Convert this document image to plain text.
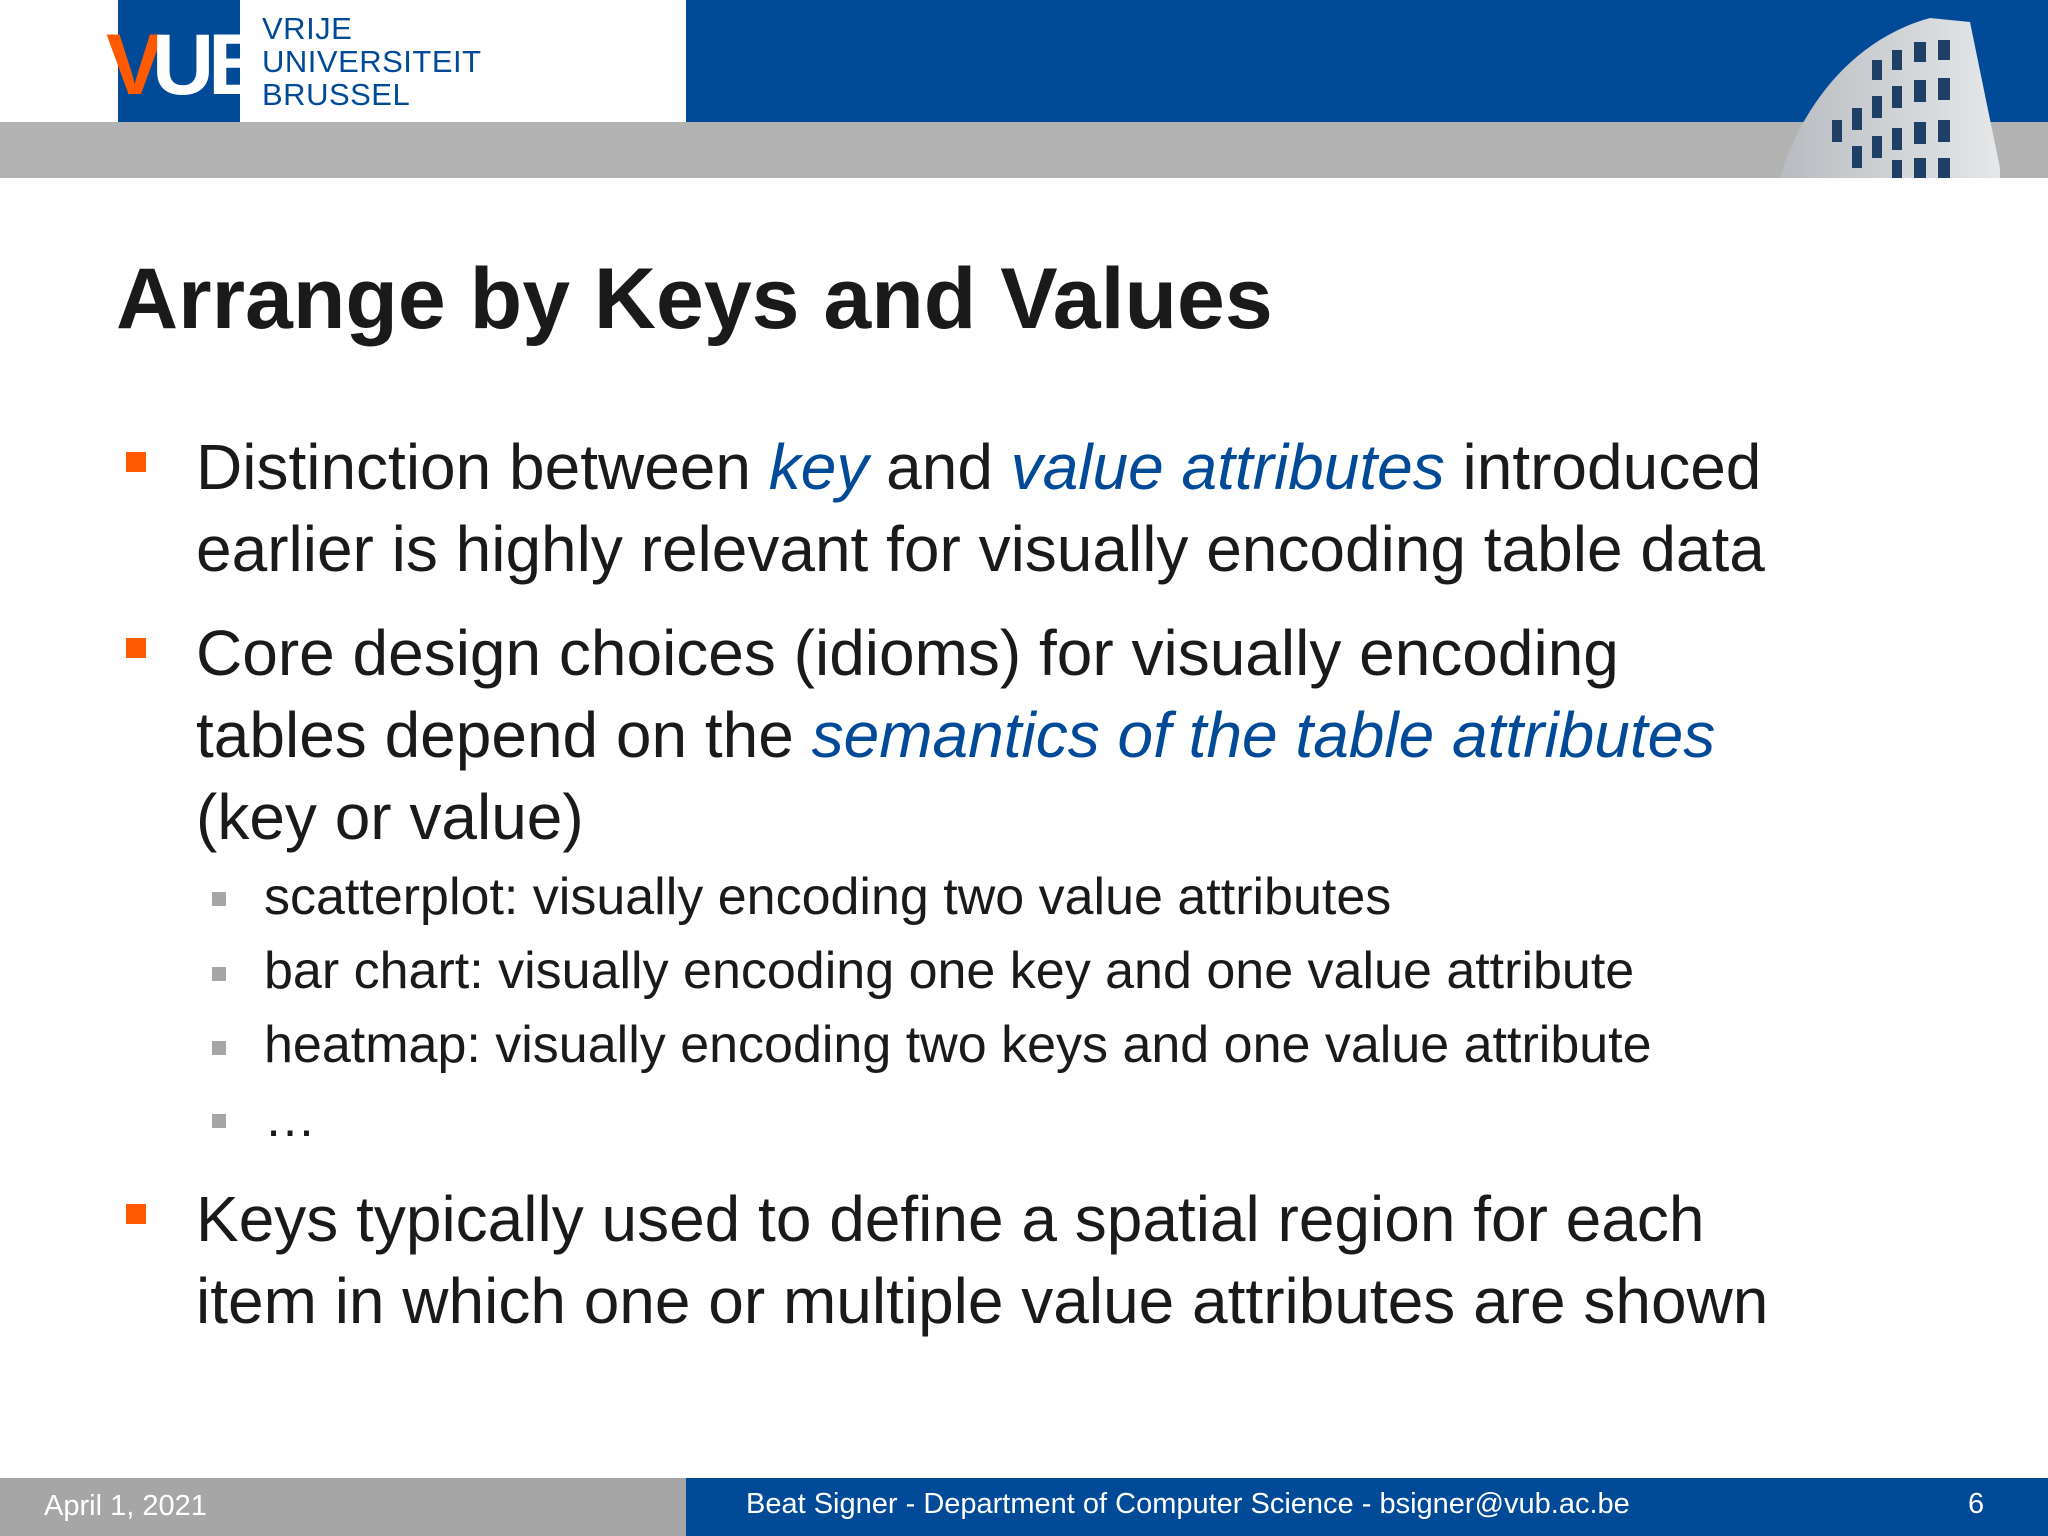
V
UB
VRIJE
UNIVERSITEIT
BRUSSEL
Arrange by Keys and Values
Distinction between key and value attributes introduced
earlier is highly relevant for visually encoding table data
Core design choices (idioms) for visually encoding
tables depend on the semantics of the table attributes
(key or value)
scatterplot: visually encoding two value attributes
bar chart: visually encoding one key and one value attribute
heatmap: visually encoding two keys and one value attribute
…
Keys typically used to define a spatial region for each
item in which one or multiple value attributes are shown
April 1, 2021	Beat Signer - Department of Computer Science - bsigner@vub.ac.be	6
